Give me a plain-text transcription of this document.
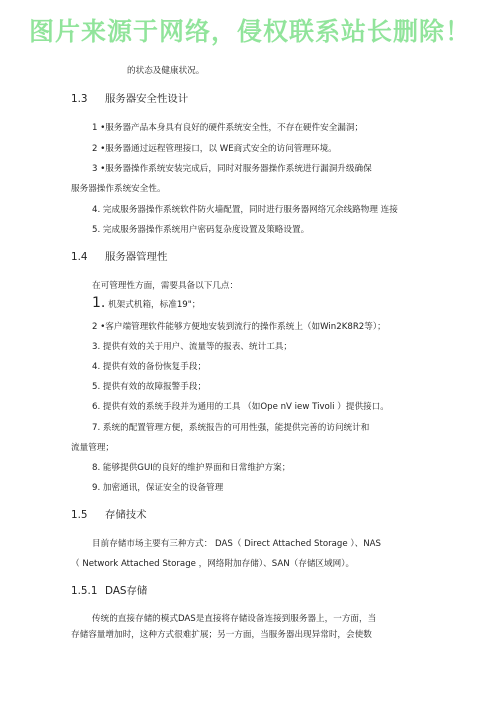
图片来源于网络，侵权联系站长删除！
的状态及健康状况。
1.3 服务器安全性设计
1 •服务器产品本身具有良好的硬件系统安全性，不存在硬件安全漏洞；
2 •服务器通过远程管理接口，以 WE商式安全的访问管理环境。
3 •服务器操作系统安装完成后，同时对服务器操作系统进行漏洞升级确保
服务器操作系统安全性。
4. 完成服务器操作系统软件防火墙配置，同时进行服务器网络冗余线路物理 连接
5. 完成服务器操作系统用户密码复杂度设置及策略设置。
1.4 服务器管理性
在可管理性方面，需要具备以下几点：
1. 机架式机箱，标准19"；
2 •客户端管理软件能够方便地安装到流行的操作系统上（如Win2K8R2等）；
3. 提供有效的关于用户、流量等的报表、统计工具；
4. 提供有效的备份恢复手段；
5. 提供有效的故障报警手段；
6. 提供有效的系统手段并为通用的工具 （如Ope nV iew Tivoli ）提供接口。
7. 系统的配置管理方便，系统报告的可用性强，能提供完善的访问统计和
流量管理；
8. 能够提供GUI的良好的维护界面和日常维护方案；
9. 加密通讯，保证安全的设备管理
1.5 存储技术
目前存储市场主要有三种方式： DAS（ Direct Attached Storage ）、NAS
（ Network Attached Storage ，网络附加存储）、SAN（存储区域网）。
1.5.1 DAS存储
传统的直接存储的模式DAS是直接将存储设备连接到服务器上，一方面，当
存储容量增加时，这种方式很难扩展；另一方面，当服务器出现异常时，会使数
